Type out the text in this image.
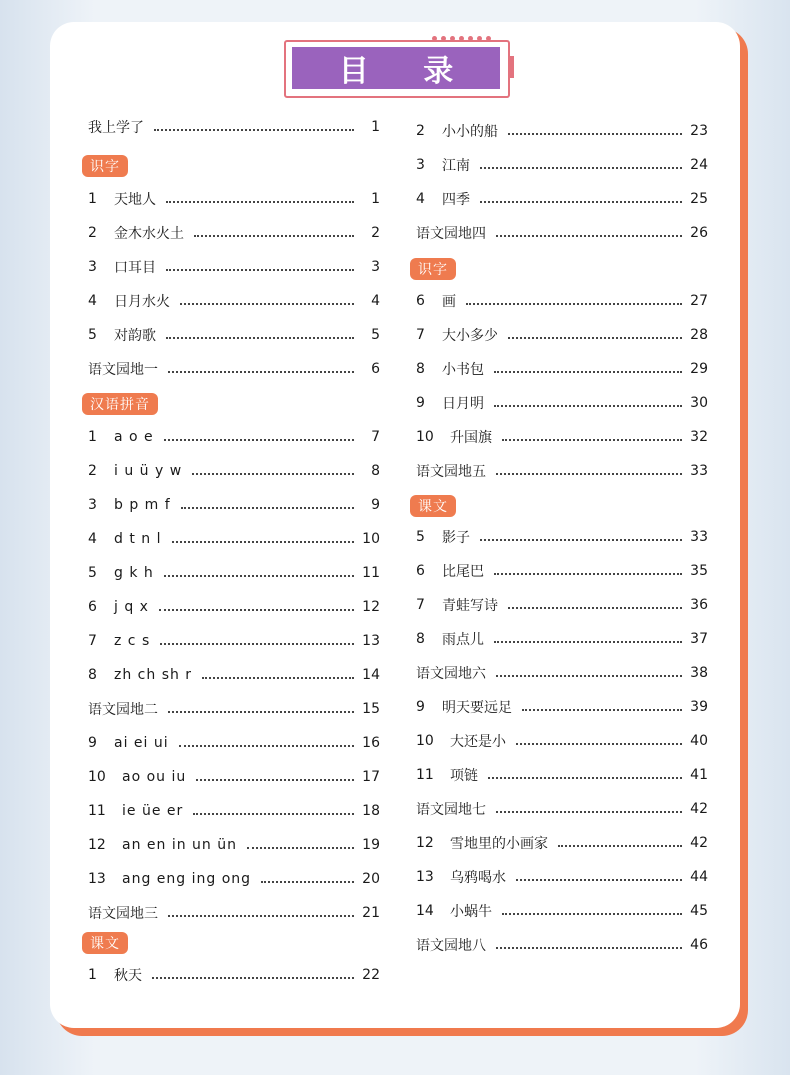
目 录
我上学了	1
识字
1	天地人	1
2	金木水火土	2
3	口耳目	3
4	日月水火	4
5	对韵歌	5
语文园地一	6
汉语拼音
1	a o e	7
2	i u ü y w	8
3	b p m f	9
4	d t n l	10
5	g k h	11
6	j q x	12
7	z c s	13
8	zh ch sh r	14
语文园地二	15
9	ai ei ui	16
10	ao ou iu	17
11	ie üe er	18
12	an en in un ün	19
13	ang eng ing ong	20
语文园地三	21
课文
1	秋天	22
2	小小的船	23
3	江南	24
4	四季	25
语文园地四	26
识字
6	画	27
7	大小多少	28
8	小书包	29
9	日月明	30
10	升国旗	32
语文园地五	33
课文
5	影子	33
6	比尾巴	35
7	青蛙写诗	36
8	雨点儿	37
语文园地六	38
9	明天要远足	39
10	大还是小	40
11	项链	41
语文园地七	42
12	雪地里的小画家	42
13	乌鸦喝水	44
14	小蜗牛	45
语文园地八	46
